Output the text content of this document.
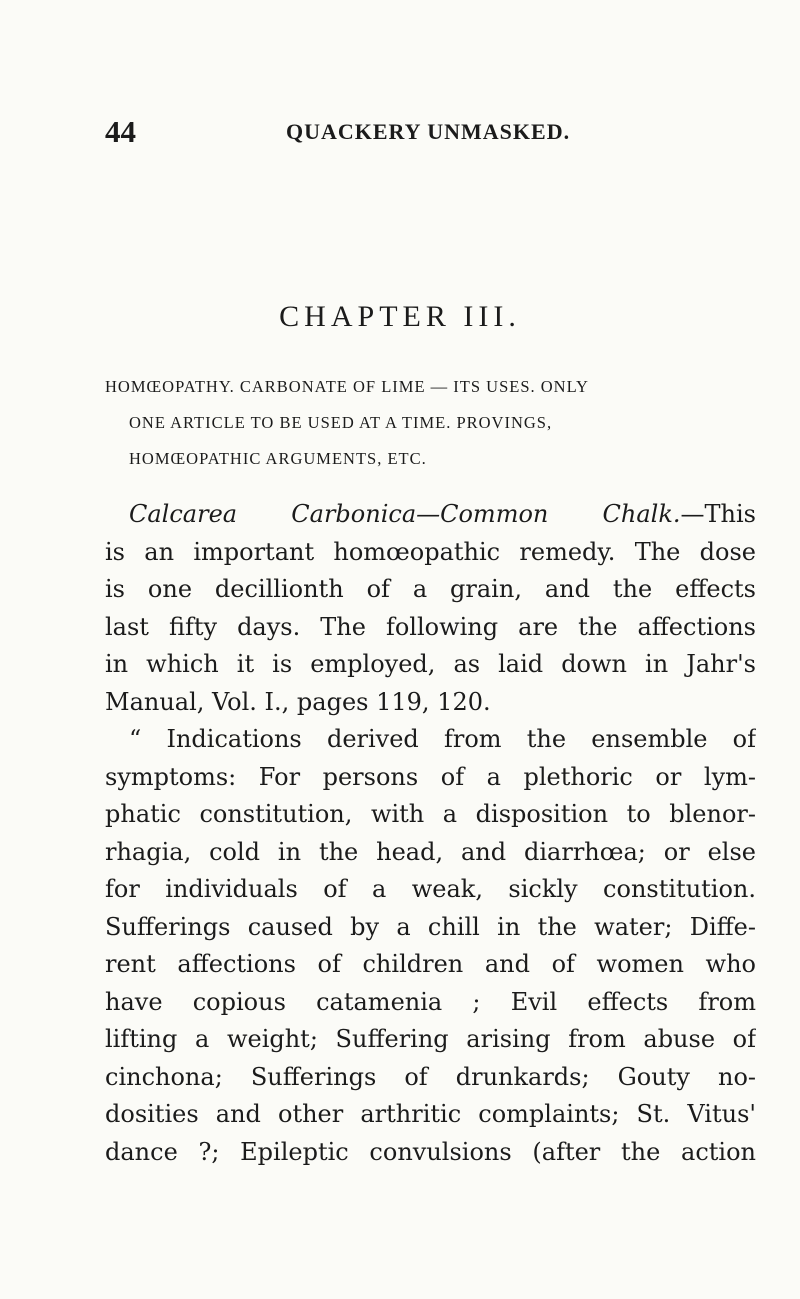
44	QUACKERY UNMASKED.
CHAPTER III.
HOMŒOPATHY. CARBONATE OF LIME — ITS USES. ONLY
ONE ARTICLE TO BE USED AT A TIME. PROVINGS,
HOMŒOPATHIC ARGUMENTS, ETC.
Calcarea Carbonica—Common Chalk.—This
is an important homœopathic remedy. The dose
is one decillionth of a grain, and the effects
last fifty days. The following are the affections
in which it is employed, as laid down in Jahr's
Manual, Vol. I., pages 119, 120.
“ Indications derived from the ensemble of
symptoms: For persons of a plethoric or lym-
phatic constitution, with a disposition to blenor-
rhagia, cold in the head, and diarrhœa; or else
for individuals of a weak, sickly constitution.
Sufferings caused by a chill in the water; Diffe-
rent affections of children and of women who
have copious catamenia ; Evil effects from
lifting a weight; Suffering arising from abuse of
cinchona; Sufferings of drunkards; Gouty no-
dosities and other arthritic complaints; St. Vitus'
dance ?; Epileptic convulsions (after the action
